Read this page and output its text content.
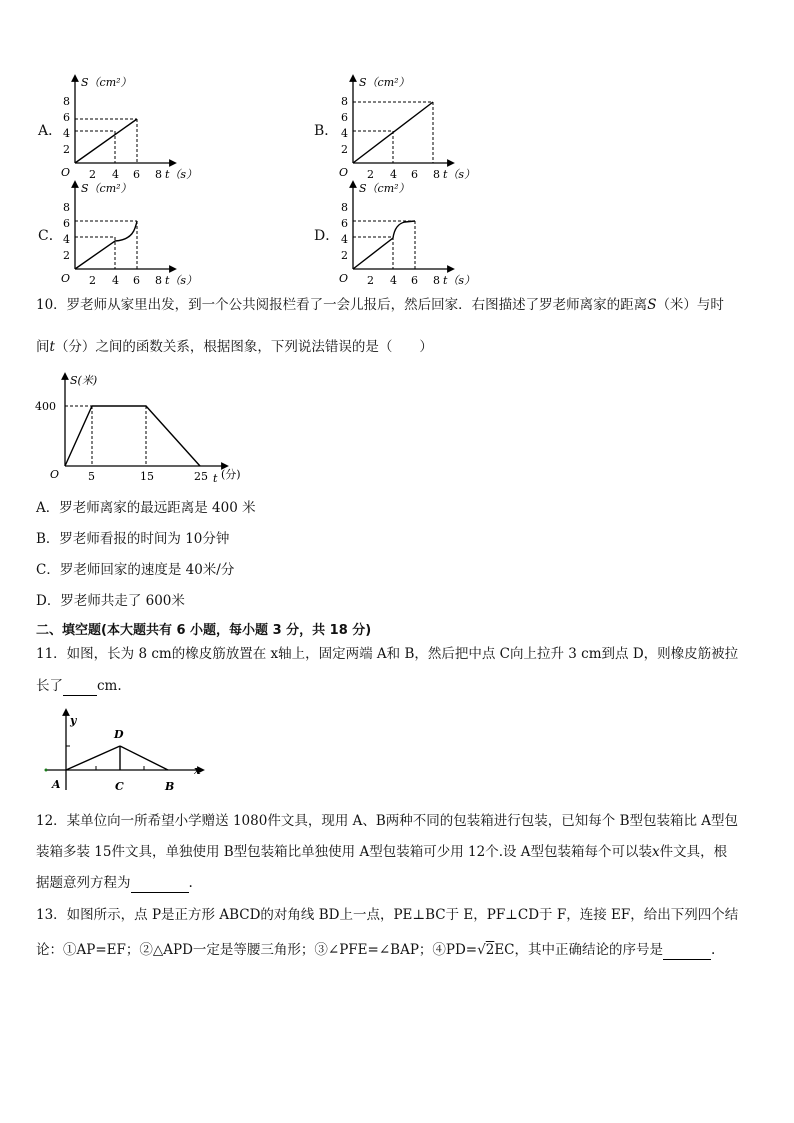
A．	B．
C．	D．
S（cm²）
8
6
4
2
O 2 4 6 8 t（s）
S（cm²）
8
6
4
2
O 2 4 6 8 t（s）
S（cm²）
8
6
4
2
O 2 4 6 8 t（s）
S（cm²）
8
6
4
2
O 2 4 6 8 t（s）
10．罗老师从家里出发，到一个公共阅报栏看了一会儿报后，然后回家．右图描述了罗老师离家的距离S（米）与时
间t（分）之间的函数关系，根据图象，下列说法错误的是（　　）
S(米)
400
O	5	15	25 t (分)
A．罗老师离家的最远距离是 400 米
B．罗老师看报的时间为 10分钟
C．罗老师回家的速度是 40米/分
D．罗老师共走了 600米
二、填空题(本大题共有 6 小题，每小题 3 分，共 18 分)
11．如图，长为 8 cm的橡皮筋放置在 x轴上，固定两端 A和 B，然后把中点 C向上拉升 3 cm到点 D，则橡皮筋被拉
长了	cm.
y
x
D
A	C	B
12．某单位向一所希望小学赠送 1080件文具，现用 A、B两种不同的包装箱进行包装，已知每个 B型包装箱比 A型包
装箱多装 15件文具，单独使用 B型包装箱比单独使用 A型包装箱可少用 12个.设 A型包装箱每个可以装x件文具，根
据题意列方程为	.
13．如图所示，点 P是正方形 ABCD的对角线 BD上一点，PE⊥BC于 E，PF⊥CD于 F，连接 EF，给出下列四个结
论：①AP=EF；②△APD一定是等腰三角形；③∠PFE=∠BAP；④PD=√2EC，其中正确结论的序号是	.
